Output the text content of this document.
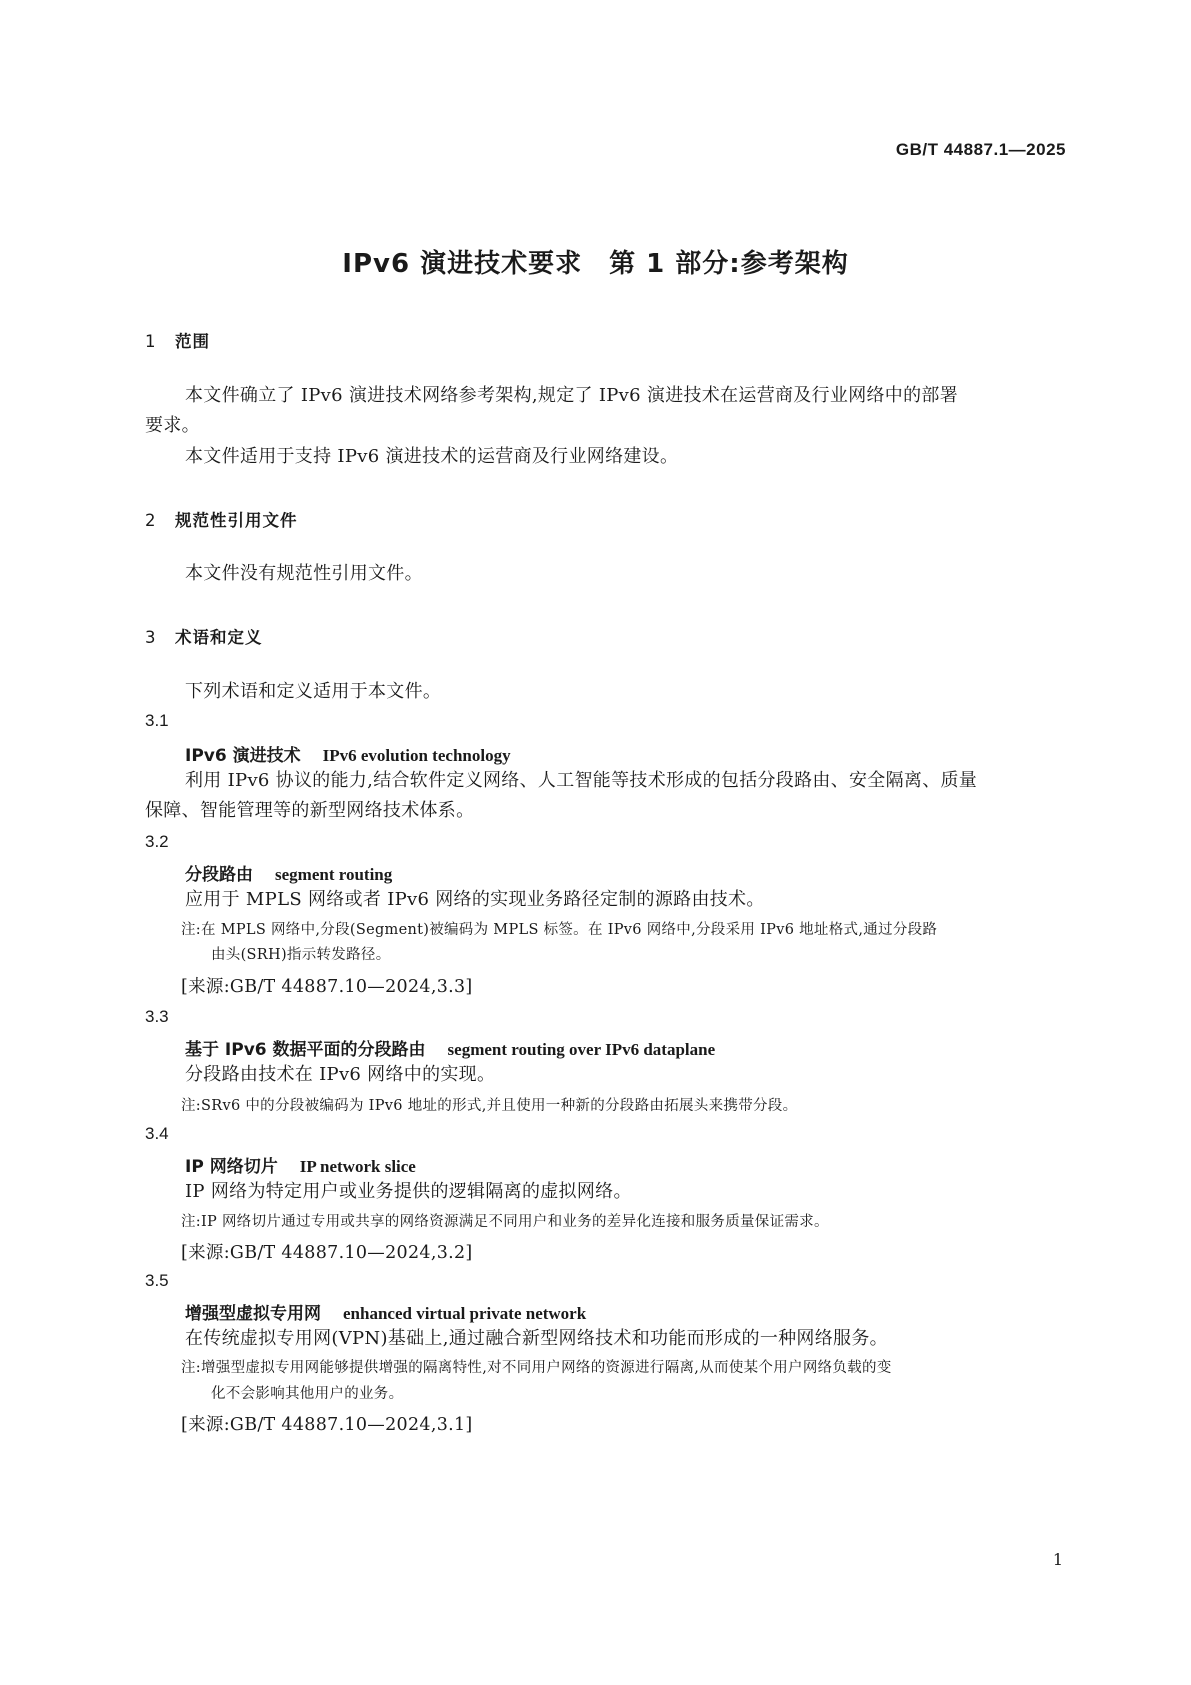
GB/T 44887.1—2025
IPv6 演进技术要求　第 1 部分:参考架构
1 范围
本文件确立了 IPv6 演进技术网络参考架构,规定了 IPv6 演进技术在运营商及行业网络中的部署
要求。
本文件适用于支持 IPv6 演进技术的运营商及行业网络建设。
2 规范性引用文件
本文件没有规范性引用文件。
3 术语和定义
下列术语和定义适用于本文件。
3.1
IPv6 演进技术 IPv6 evolution technology
利用 IPv6 协议的能力,结合软件定义网络、人工智能等技术形成的包括分段路由、安全隔离、质量
保障、智能管理等的新型网络技术体系。
3.2
分段路由 segment routing
应用于 MPLS 网络或者 IPv6 网络的实现业务路径定制的源路由技术。
注:在 MPLS 网络中,分段(Segment)被编码为 MPLS 标签。在 IPv6 网络中,分段采用 IPv6 地址格式,通过分段路
由头(SRH)指示转发路径。
[来源:GB/T 44887.10—2024,3.3]
3.3
基于 IPv6 数据平面的分段路由 segment routing over IPv6 dataplane
分段路由技术在 IPv6 网络中的实现。
注:SRv6 中的分段被编码为 IPv6 地址的形式,并且使用一种新的分段路由拓展头来携带分段。
3.4
IP 网络切片 IP network slice
IP 网络为特定用户或业务提供的逻辑隔离的虚拟网络。
注:IP 网络切片通过专用或共享的网络资源满足不同用户和业务的差异化连接和服务质量保证需求。
[来源:GB/T 44887.10—2024,3.2]
3.5
增强型虚拟专用网 enhanced virtual private network
在传统虚拟专用网(VPN)基础上,通过融合新型网络技术和功能而形成的一种网络服务。
注:增强型虚拟专用网能够提供增强的隔离特性,对不同用户网络的资源进行隔离,从而使某个用户网络负载的变
化不会影响其他用户的业务。
[来源:GB/T 44887.10—2024,3.1]
1
